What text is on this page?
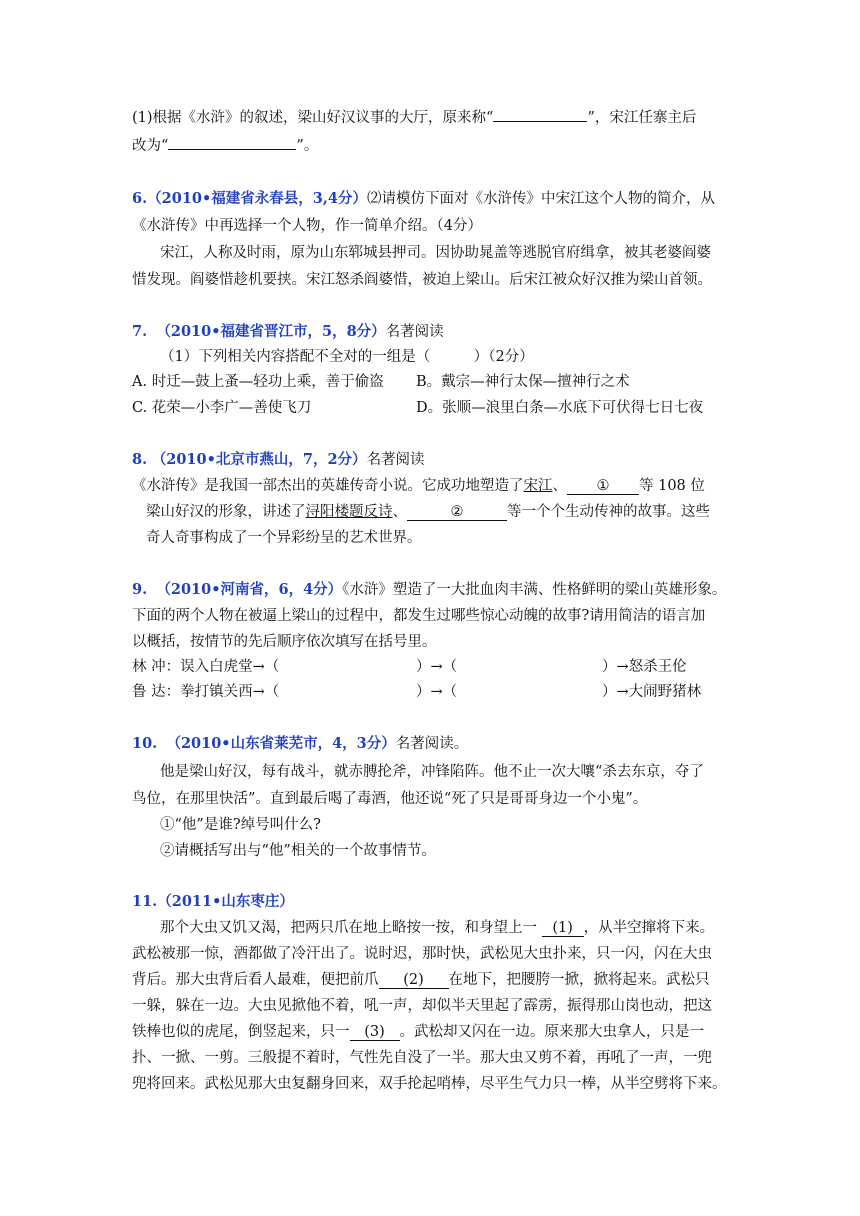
(1)根据《水浒》的叙述，梁山好汉议事的大厅，原来称“	”，宋江任寨主后
改为“	”。
6.（2010•福建省永春县，3,4分）⑵请模仿下面对《水浒传》中宋江这个人物的简介，从
《水浒传》中再选择一个人物，作一简单介绍。（4分）
宋江，人称及时雨，原为山东郓城县押司。因协助晁盖等逃脱官府缉拿，被其老婆阎婆
惜发现。阎婆惜趁机要挟。宋江怒杀阎婆惜，被迫上梁山。后宋江被众好汉推为梁山首领。
7. （2010•福建省晋江市，5，8分）名著阅读
（1）下列相关内容搭配不全对的一组是（　　　）（2分）
A. 时迁—鼓上蚤—轻功上乘，善于偷盗 B。戴宗—神行太保—擅神行之术
C. 花荣—小李广—善使飞刀	D。张顺—浪里白条—水底下可伏得七日七夜
8. （2010•北京市燕山，7，2分）名著阅读
《水浒传》是我国一部杰出的英雄传奇小说。它成功地塑造了宋江、 ① 等 108 位
梁山好汉的形象，讲述了浔阳楼题反诗、	②	等一个个生动传神的故事。这些
奇人奇事构成了一个异彩纷呈的艺术世界。
9. （2010•河南省，6，4分）《水浒》塑造了一大批血肉丰满、性格鲜明的梁山英雄形象。
下面的两个人物在被逼上梁山的过程中，都发生过哪些惊心动魄的故事?请用简洁的语言加
以概括，按情节的先后顺序依次填写在括号里。
林 冲：误入白虎堂→（	）→（	）→怒杀王伦
鲁 达：拳打镇关西→（	）→（	）→大闹野猪林
10. （2010•山东省莱芜市，4，3分）名著阅读。
他是梁山好汉，每有战斗，就赤膊抡斧，冲锋陷阵。他不止一次大嚷“杀去东京，夺了
鸟位，在那里快活”。直到最后喝了毒酒，他还说“死了只是哥哥身边一个小鬼”。
①“他”是谁?绰号叫什么?
②请概括写出与“他”相关的一个故事情节。
11.（2011•山东枣庄）
那个大虫又饥又渴，把两只爪在地上略按一按，和身望上一 (1) ，从半空撺将下来。
武松被那一惊，酒都做了冷汗出了。说时迟，那时快，武松见大虫扑来，只一闪，闪在大虫
背后。那大虫背后看人最难，便把前爪 (2) 在地下，把腰胯一掀，掀将起来。武松只
一躲，躲在一边。大虫见掀他不着，吼一声，却似半天里起了霹雳，振得那山岗也动，把这
铁棒也似的虎尾，倒竖起来，只一 (3) 。武松却又闪在一边。原来那大虫拿人，只是一
扑、一掀、一剪。三般提不着时，气性先自没了一半。那大虫又剪不着，再吼了一声，一兜
兜将回来。武松见那大虫复翻身回来，双手抡起哨棒，尽平生气力只一棒，从半空劈将下来。
